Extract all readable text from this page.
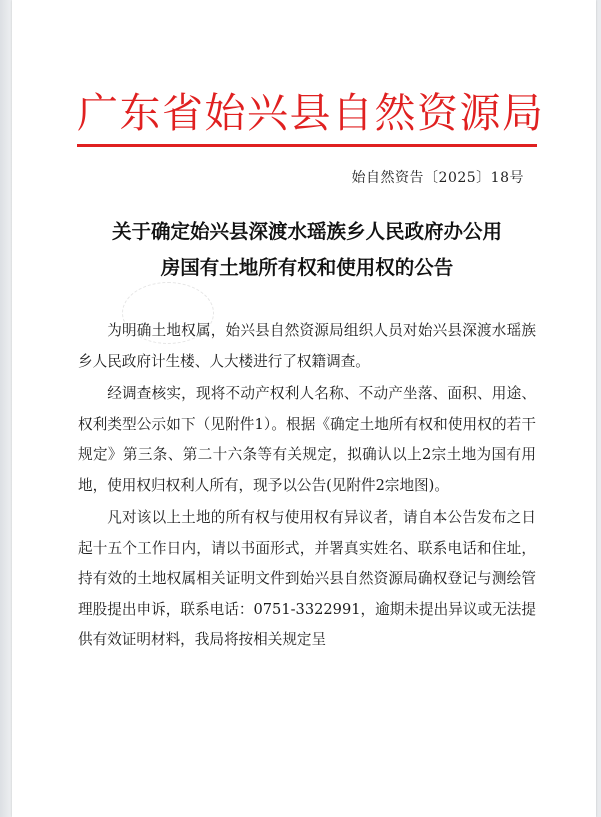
广东省始兴县自然资源局
始自然资告〔2025〕18号
关于确定始兴县深渡水瑶族乡人民政府办公用
房国有土地所有权和使用权的公告

为明确土地权属，始兴县自然资源局组织人员对始兴县深渡水瑶族乡人民政府计生楼、人大楼进行了权籍调查。

经调查核实，现将不动产权利人名称、不动产坐落、面积、用途、权利类型公示如下（见附件1）。根据《确定土地所有权和使用权的若干规定》第三条、第二十六条等有关规定，拟确认以上2宗土地为国有用地，使用权归权利人所有，现予以公告(见附件2宗地图)。

凡对该以上土地的所有权与使用权有异议者，请自本公告发布之日起十五个工作日内，请以书面形式，并署真实姓名、联系电话和住址，持有效的土地权属相关证明文件到始兴县自然资源局确权登记与测绘管理股提出申诉，联系电话：0751-3322991，逾期未提出异议或无法提供有效证明材料，我局将按相关规定呈
